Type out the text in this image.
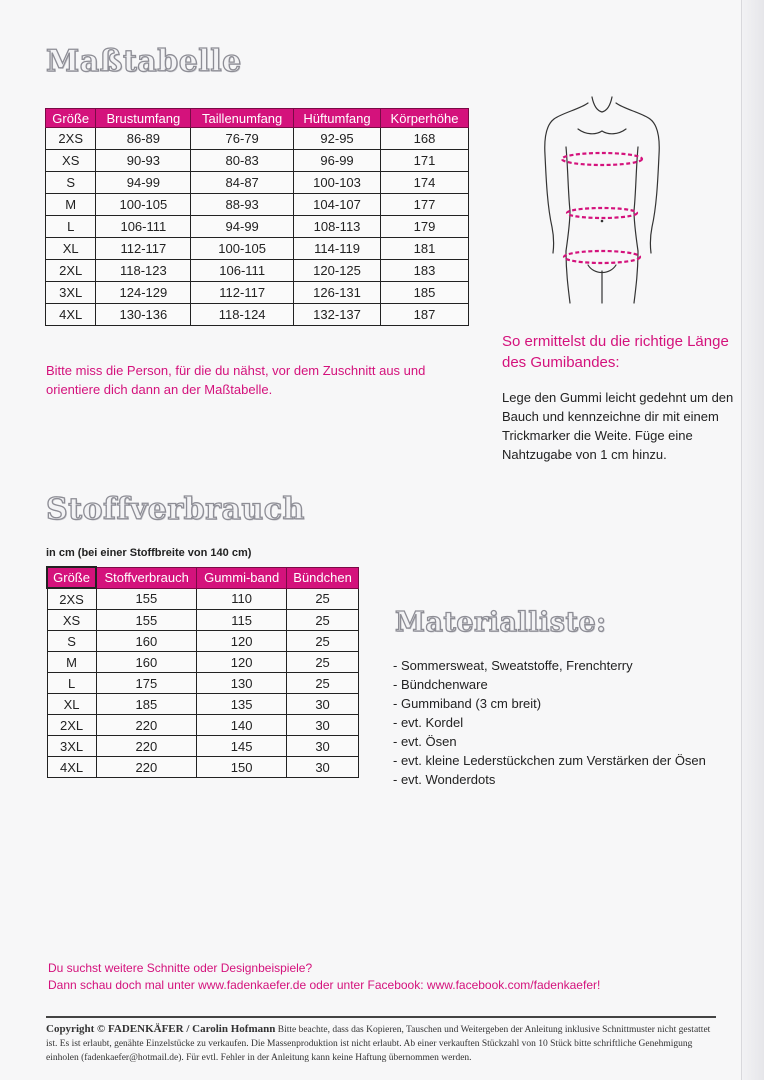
Maßtabelle
Größe	Brustumfang	Taillenumfang	Hüftumfang	Körperhöhe
2XS	86-89	76-79	92-95	168
XS	90-93	80-83	96-99	171
S	94-99	84-87	100-103	174
M	100-105	88-93	104-107	177
L	106-111	94-99	108-113	179
XL	112-117	100-105	114-119	181
2XL	118-123	106-111	120-125	183
3XL	124-129	112-117	126-131	185
4XL	130-136	118-124	132-137	187

Bitte miss die Person, für die du nähst, vor dem Zuschnitt aus und orientiere dich dann an der Maßtabelle.

So ermittelst du die richtige Länge des Gumibandes:

Lege den Gummi leicht gedehnt um den Bauch und kennzeichne dir mit einem Trickmarker die Weite. Füge eine Nahtzugabe von 1 cm hinzu.

Stoffverbrauch

in cm (bei einer Stoffbreite von 140 cm)

Größe	Stoffverbrauch	Gummi-band	Bündchen
2XS	155	110	25
XS	155	115	25
S	160	120	25
M	160	120	25
L	175	130	25
XL	185	135	30
2XL	220	140	30
3XL	220	145	30
4XL	220	150	30
Materialliste:
- Sommersweat, Sweatstoffe, Frenchterry
- Bündchenware
- Gummiband (3 cm breit)
- evt. Kordel
- evt. Ösen
- evt. kleine Lederstückchen zum Verstärken der Ösen
- evt. Wonderdots
Du suchst weitere Schnitte oder Designbeispiele?
Dann schau doch mal unter www.fadenkaefer.de oder unter Facebook: www.facebook.com/fadenkaefer!
Copyright © FADENKÄFER / Carolin Hofmann Bitte beachte, dass das Kopieren, Tauschen und Weitergeben der Anleitung inklusive Schnittmuster nicht gestattet ist. Es ist erlaubt, genähte Einzelstücke zu verkaufen. Die Massenproduktion ist nicht erlaubt. Ab einer verkauften Stückzahl von 10 Stück bitte schriftliche Genehmigung einholen (fadenkaefer@hotmail.de). Für evtl. Fehler in der Anleitung kann keine Haftung übernommen werden.
